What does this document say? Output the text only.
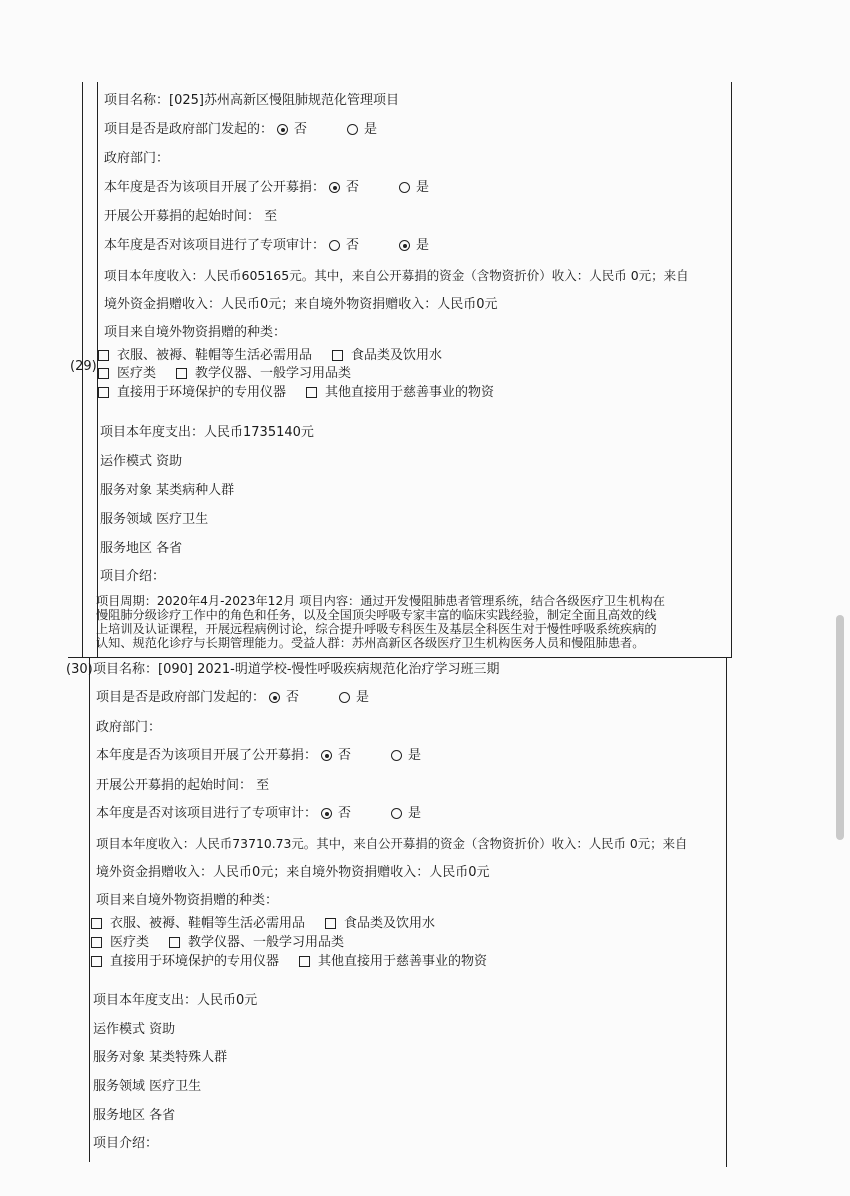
(29)
项目名称：[025]苏州高新区慢阻肺规范化管理项目
项目是否是政府部门发起的： 否	是
政府部门：
本年度是否为该项目开展了公开募捐： 否	是
开展公开募捐的起始时间： 至
本年度是否对该项目进行了专项审计： 否	是
项目本年度收入：人民币605165元。其中，来自公开募捐的资金（含物资折价）收入：人民币 0元；来自
境外资金捐赠收入：人民币0元；来自境外物资捐赠收入：人民币0元
项目来自境外物资捐赠的种类：
衣服、被褥、鞋帽等生活必需用品	食品类及饮用水
医疗类	教学仪器、一般学习用品类
直接用于环境保护的专用仪器	其他直接用于慈善事业的物资
项目本年度支出：人民币1735140元
运作模式 资助
服务对象 某类病种人群
服务领域 医疗卫生
服务地区 各省
项目介绍：
项目周期：2020年4月-2023年12月 项目内容：通过开发慢阻肺患者管理系统，结合各级医疗卫生机构在
慢阻肺分级诊疗工作中的角色和任务，以及全国顶尖呼吸专家丰富的临床实践经验，制定全面且高效的线
上培训及认证课程，开展远程病例讨论，综合提升呼吸专科医生及基层全科医生对于慢性呼吸系统疾病的
认知、规范化诊疗与长期管理能力。受益人群：苏州高新区各级医疗卫生机构医务人员和慢阻肺患者。
(30) 项目名称：[090] 2021-明道学校-慢性呼吸疾病规范化治疗学习班三期
项目是否是政府部门发起的： 否	是
政府部门：
本年度是否为该项目开展了公开募捐： 否	是
开展公开募捐的起始时间： 至
本年度是否对该项目进行了专项审计： 否	是
项目本年度收入：人民币73710.73元。其中，来自公开募捐的资金（含物资折价）收入：人民币 0元；来自
境外资金捐赠收入：人民币0元；来自境外物资捐赠收入：人民币0元
项目来自境外物资捐赠的种类：
衣服、被褥、鞋帽等生活必需用品	食品类及饮用水
医疗类	教学仪器、一般学习用品类
直接用于环境保护的专用仪器	其他直接用于慈善事业的物资
项目本年度支出：人民币0元
运作模式 资助
服务对象 某类特殊人群
服务领域 医疗卫生
服务地区 各省
项目介绍：
